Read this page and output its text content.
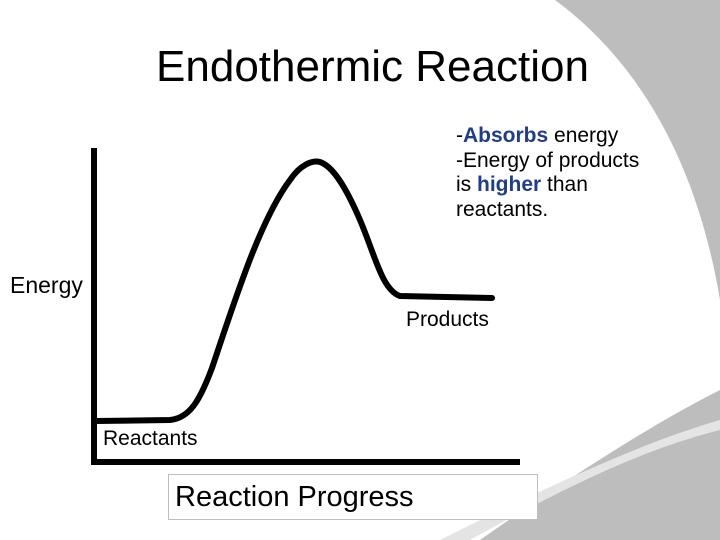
Endothermic Reaction
-Absorbs energy
-Energy of products
is higher than
reactants.
Energy
Reactants
Products
Reaction Progress
